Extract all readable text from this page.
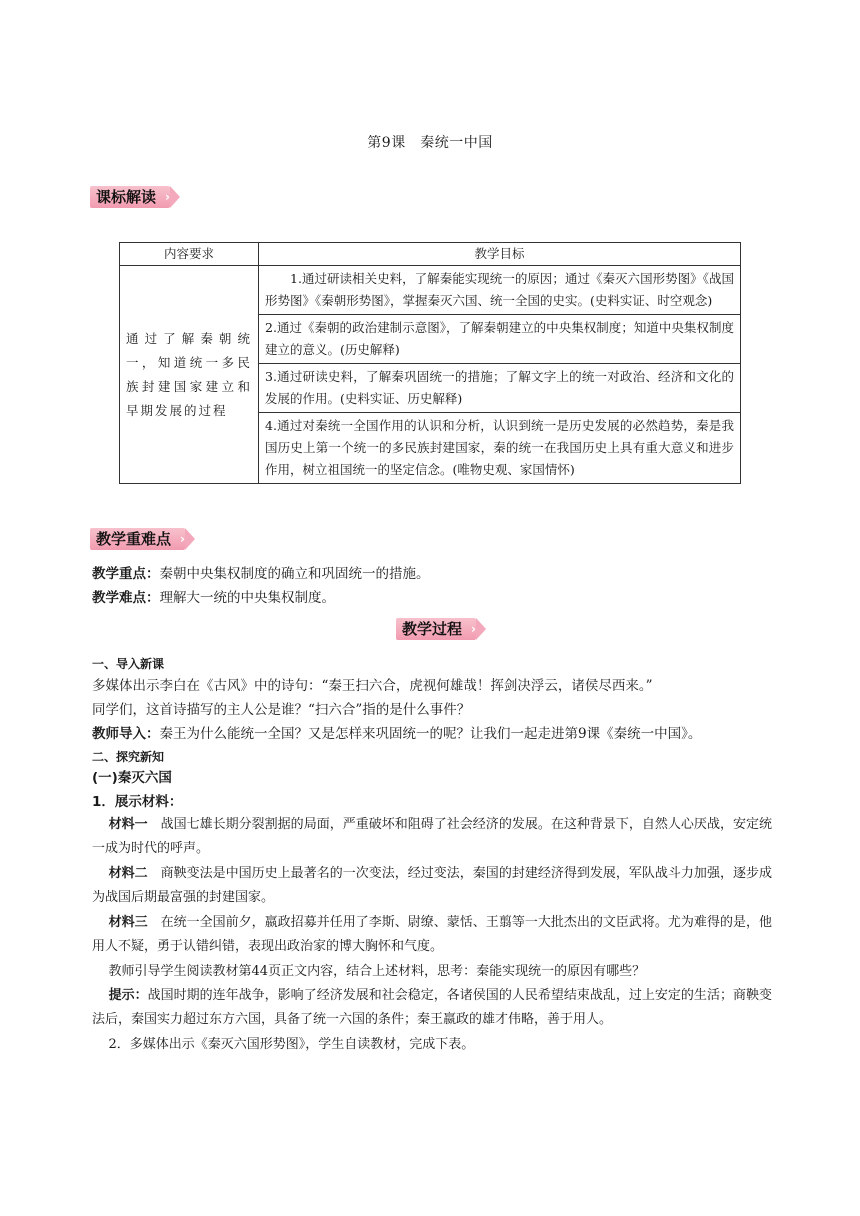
第9课　秦统一中国
课标解读 ›
内容要求	教学目标
通过了解秦朝统一，知道统一多民族封建国家建立和早期发展的过程	1.通过研读相关史料，了解秦能实现统一的原因；通过《秦灭六国形势图》《战国形势图》《秦朝形势图》，掌握秦灭六国、统一全国的史实。(史料实证、时空观念)

	2.通过《秦朝的政治建制示意图》，了解秦朝建立的中央集权制度；知道中央集权制度建立的意义。(历史解释)
	3.通过研读史料，了解秦巩固统一的措施；了解文字上的统一对政治、经济和文化的发展的作用。(史料实证、历史解释)
	4.通过对秦统一全国作用的认识和分析，认识到统一是历史发展的必然趋势，秦是我国历史上第一个统一的多民族封建国家，秦的统一在我国历史上具有重大意义和进步作用，树立祖国统一的坚定信念。(唯物史观、家国情怀)
教学重难点 ›
教学重点：秦朝中央集权制度的确立和巩固统一的措施。
教学难点：理解大一统的中央集权制度。
教学过程 ›
一、导入新课
多媒体出示李白在《古风》中的诗句：“秦王扫六合，虎视何雄哉！挥剑决浮云，诸侯尽西来。”
同学们，这首诗描写的主人公是谁？“扫六合”指的是什么事件？
教师导入：秦王为什么能统一全国？又是怎样来巩固统一的呢？让我们一起走进第9课《秦统一中国》。
二、探究新知
(一)秦灭六国
1．展示材料：
材料一　战国七雄长期分裂割据的局面，严重破坏和阻碍了社会经济的发展。在这种背景下，自然人心厌战，安定统一成为时代的呼声。
材料二　商鞅变法是中国历史上最著名的一次变法，经过变法，秦国的封建经济得到发展，军队战斗力加强，逐步成为战国后期最富强的封建国家。
材料三　在统一全国前夕，嬴政招募并任用了李斯、尉缭、蒙恬、王翦等一大批杰出的文臣武将。尤为难得的是，他用人不疑，勇于认错纠错，表现出政治家的博大胸怀和气度。
教师引导学生阅读教材第44页正文内容，结合上述材料，思考：秦能实现统一的原因有哪些？
提示：战国时期的连年战争，影响了经济发展和社会稳定，各诸侯国的人民希望结束战乱，过上安定的生活；商鞅变法后，秦国实力超过东方六国，具备了统一六国的条件；秦王嬴政的雄才伟略，善于用人。
2．多媒体出示《秦灭六国形势图》，学生自读教材，完成下表。
